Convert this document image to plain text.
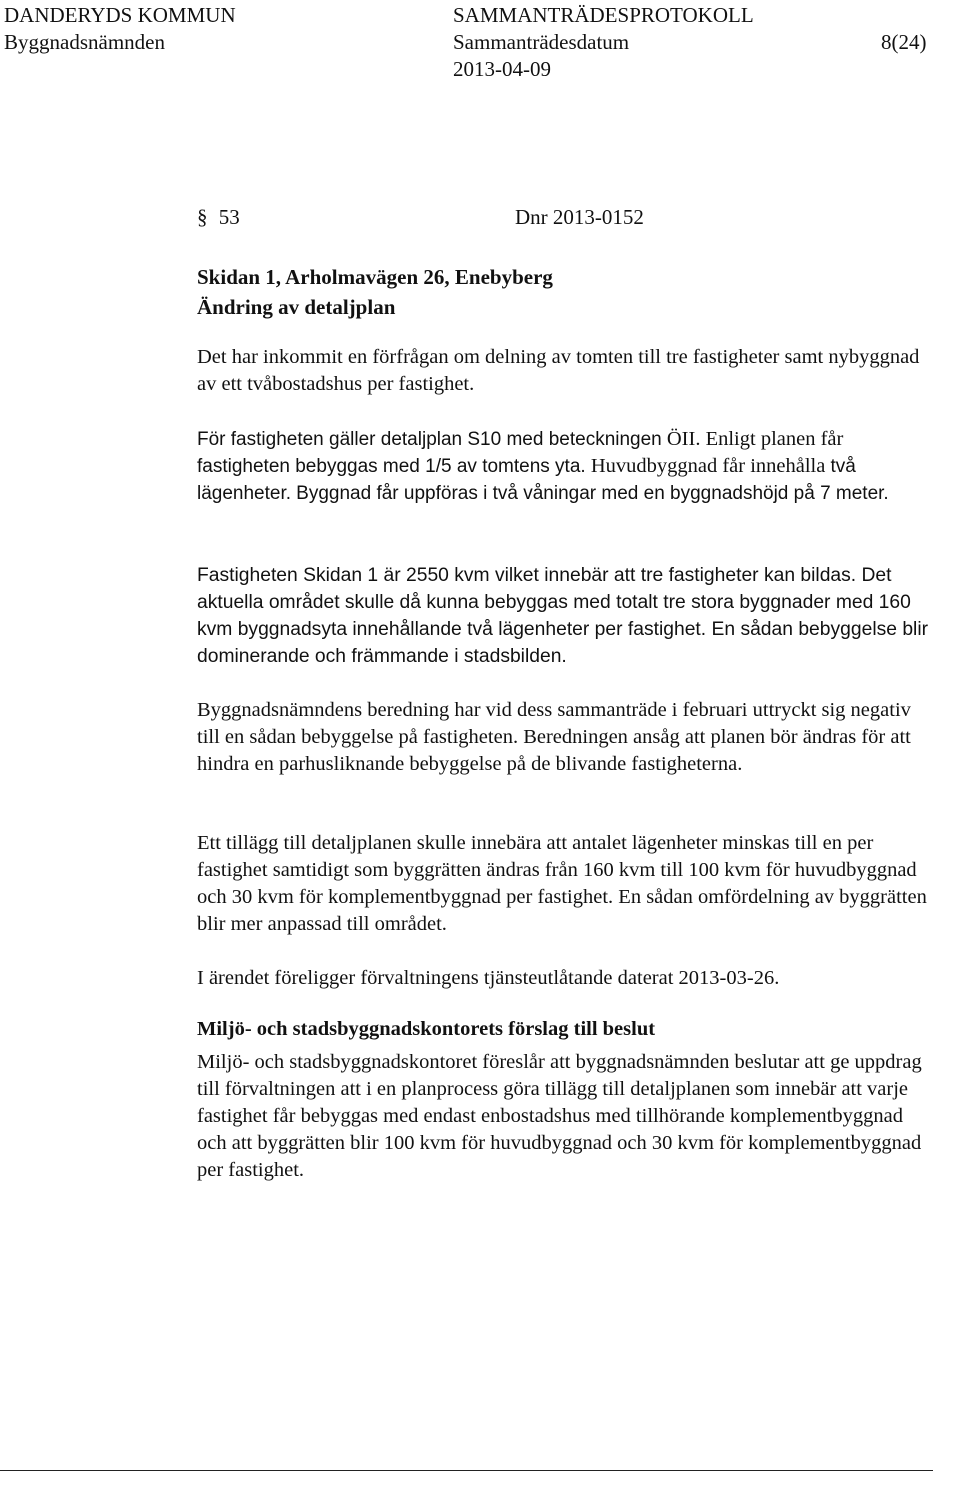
DANDERYDS KOMMUN	SAMMANTRÄDESPROTOKOLL
Byggnadsnämnden	Sammanträdesdatum	8(24)
2013-04-09
§ 53	Dnr 2013-0152
Skidan 1, Arholmavägen 26, Enebyberg
Ändring av detaljplan

Det har inkommit en förfrågan om delning av tomten till tre fastigheter samt nybyggnad av ett tvåbostadshus per fastighet.

För fastigheten gäller detaljplan S10 med beteckningen ÖII. Enligt planen får fastigheten bebyggas med 1/5 av tomtens yta. Huvudbyggnad får innehålla två lägenheter. Byggnad får uppföras i två våningar med en byggnadshöjd på 7 meter.

Fastigheten Skidan 1 är 2550 kvm vilket innebär att tre fastigheter kan bildas. Det aktuella området skulle då kunna bebyggas med totalt tre stora byggnader med 160 kvm byggnadsyta innehållande två lägenheter per fastighet. En sådan bebyggelse blir dominerande och främmande i stadsbilden.

Byggnadsnämndens beredning har vid dess sammanträde i februari uttryckt sig negativ till en sådan bebyggelse på fastigheten. Beredningen ansåg att planen bör ändras för att hindra en parhusliknande bebyggelse på de blivande fastigheterna.

Ett tillägg till detaljplanen skulle innebära att antalet lägenheter minskas till en per fastighet samtidigt som byggrätten ändras från 160 kvm till 100 kvm för huvudbyggnad och 30 kvm för komplementbyggnad per fastighet. En sådan omfördelning av byggrätten blir mer anpassad till området.

I ärendet föreligger förvaltningens tjänsteutlåtande daterat 2013-03-26.

Miljö- och stadsbyggnadskontorets förslag till beslut

Miljö- och stadsbyggnadskontoret föreslår att byggnadsnämnden beslutar att ge uppdrag till förvaltningen att i en planprocess göra tillägg till detaljplanen som innebär att varje fastighet får bebyggas med endast enbostadshus med tillhörande komplementbyggnad och att byggrätten blir 100 kvm för huvudbyggnad och 30 kvm för komplementbyggnad per fastighet.
